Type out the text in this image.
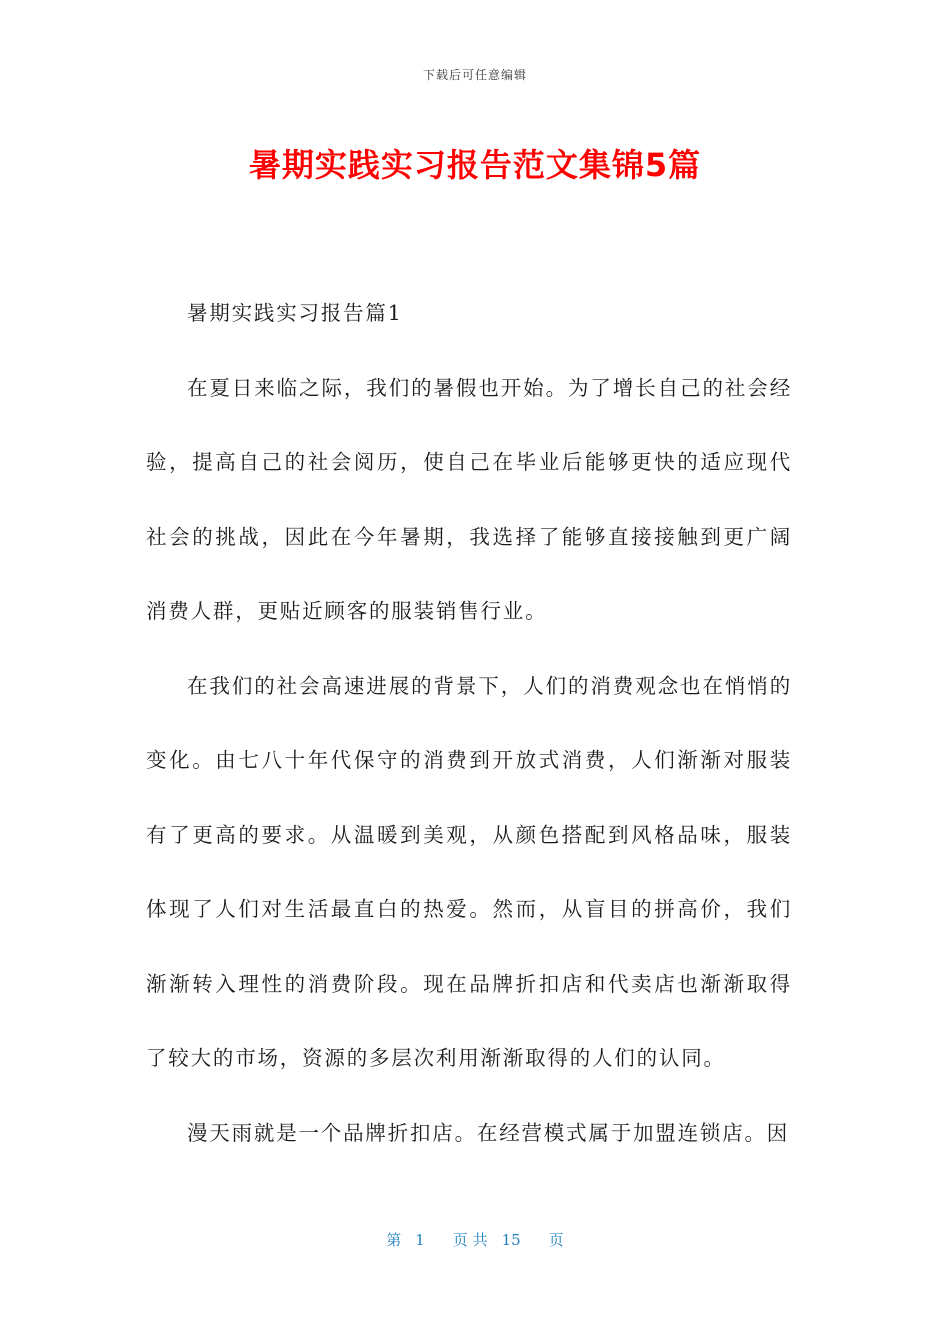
下载后可任意编辑
暑期实践实习报告范文集锦5篇

暑期实践实习报告篇1

在夏日来临之际，我们的暑假也开始。为了增长自己的社会经验，提高自己的社会阅历，使自己在毕业后能够更快的适应现代社会的挑战，因此在今年暑期，我选择了能够直接接触到更广阔消费人群，更贴近顾客的服装销售行业。

在我们的社会高速进展的背景下，人们的消费观念也在悄悄的变化。由七八十年代保守的消费到开放式消费，人们渐渐对服装有了更高的要求。从温暖到美观，从颜色搭配到风格品味，服装体现了人们对生活最直白的热爱。然而，从盲目的拼高价，我们渐渐转入理性的消费阶段。现在品牌折扣店和代卖店也渐渐取得了较大的市场，资源的多层次利用渐渐取得的人们的认同。

漫天雨就是一个品牌折扣店。在经营模式属于加盟连锁店。因

第 1 页 共 15 页
